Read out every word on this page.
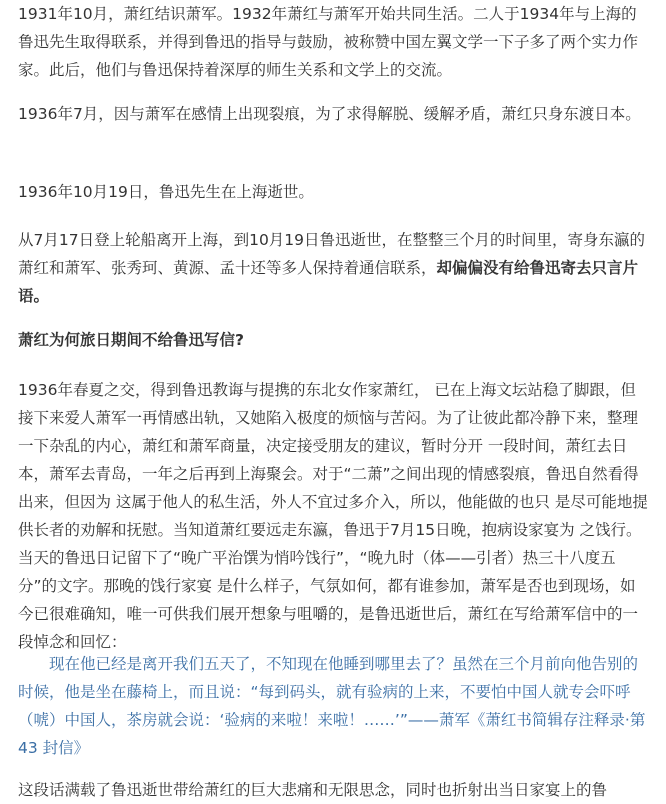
1931年10月，萧红结识萧军。1932年萧红与萧军开始共同生活。二人于1934年与上海的鲁迅先生取得联系，并得到鲁迅的指导与鼓励，被称赞中国左翼文学一下子多了两个实力作家。此后，他们与鲁迅保持着深厚的师生关系和文学上的交流。

1936年7月，因与萧军在感情上出现裂痕，为了求得解脱、缓解矛盾，萧红只身东渡日本。

1936年10月19日，鲁迅先生在上海逝世。

从7月17日登上轮船离开上海，到10月19日鲁迅逝世，在整整三个月的时间里，寄身东瀛的萧红和萧军、张秀珂、黄源、孟十还等多人保持着通信联系，却偏偏没有给鲁迅寄去只言片语。

萧红为何旅日期间不给鲁迅写信?

1936年春夏之交，得到鲁迅教诲与提携的东北女作家萧红， 已在上海文坛站稳了脚跟，但接下来爱人萧军一再情感出轨，又她陷入极度的烦恼与苦闷。为了让彼此都冷静下来，整理一下杂乱的内心，萧红和萧军商量，决定接受朋友的建议，暂时分开 一段时间，萧红去日本，萧军去青岛，一年之后再到上海聚会。对于“二萧”之间出现的情感裂痕，鲁迅自然看得出来，但因为 这属于他人的私生活，外人不宜过多介入，所以，他能做的也只 是尽可能地提供长者的劝解和抚慰。当知道萧红要远走东瀛，鲁迅于7月15日晚，抱病设家宴为 之饯行。当天的鲁迅日记留下了“晚广平治馔为悄吟饯行”，“晚九时（体——引者）热三十八度五分”的文字。那晚的饯行家宴 是什么样子，气氛如何，都有谁参加，萧军是否也到现场，如今已很难确知，唯一可供我们展开想象与咀嚼的，是鲁迅逝世后，萧红在写给萧军信中的一段悼念和回忆：

现在他已经是离开我们五天了，不知现在他睡到哪里去了？虽然在三个月前向他告别的时候，他是坐在藤椅上，而且说：“每到码头，就有验病的上来，不要怕中国人就专会吓呼（唬）中国人，茶房就会说：‘验病的来啦！来啦！……’”——萧军《萧红书简辑存注释录·第 43 封信》

这段话满载了鲁迅逝世带给萧红的巨大悲痛和无限思念，同时也折射出当日家宴上的鲁
